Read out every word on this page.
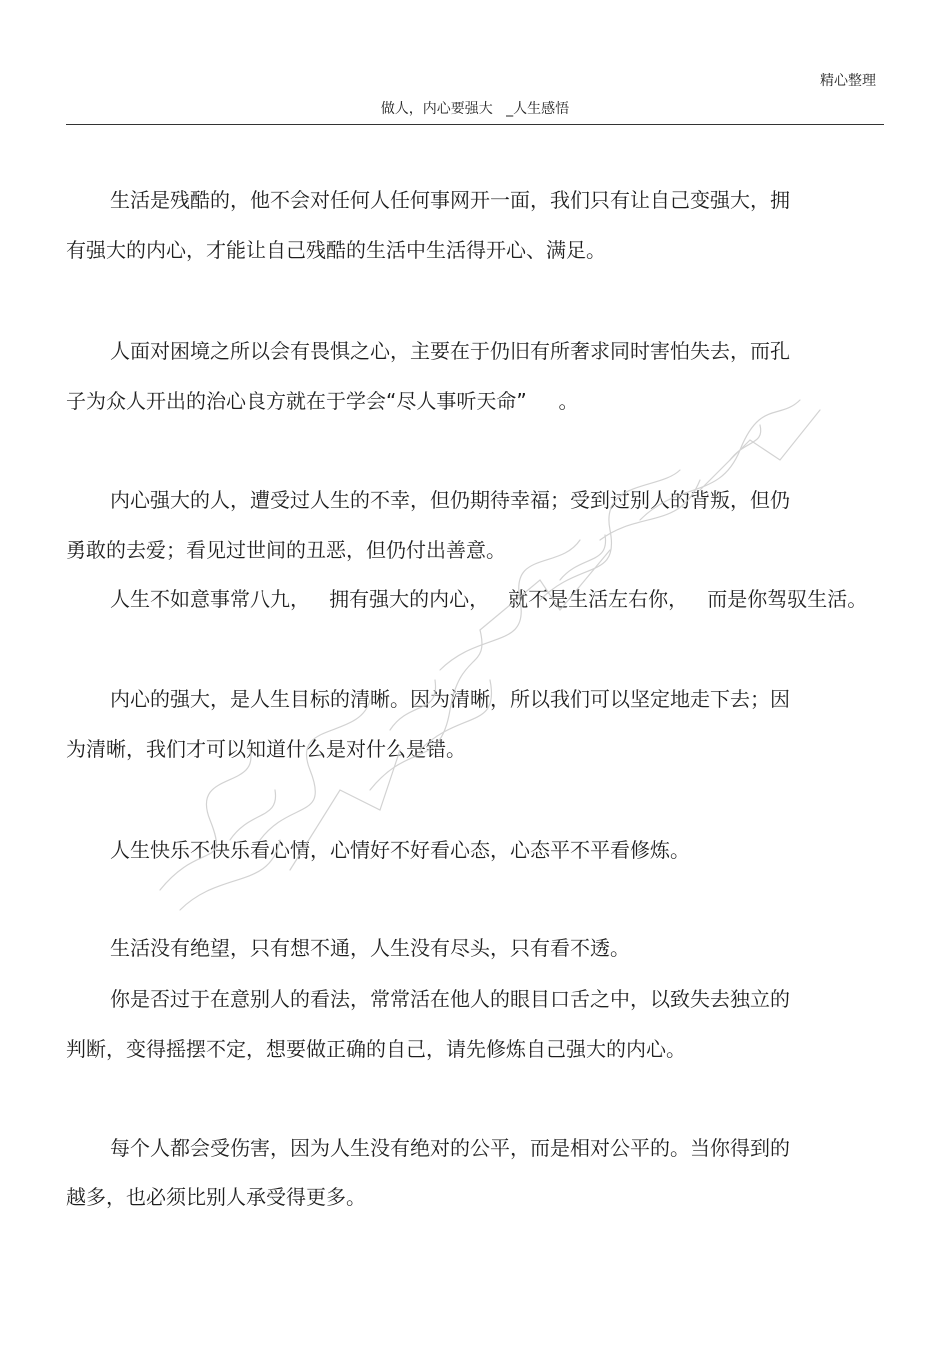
精心整理
做人，内心要强大   _人生感悟
生活是残酷的，他不会对任何人任何事网开一面，我们只有让自己变强大，拥
有强大的内心，才能让自己残酷的生活中生活得开心、满足。
人面对困境之所以会有畏惧之心，主要在于仍旧有所奢求同时害怕失去，而孔
子为众人开出的治心良方就在于学会“尽人事听天命”     。
内心强大的人，遭受过人生的不幸，但仍期待幸福；受到过别人的背叛，但仍
勇敢的去爱；看见过世间的丑恶，但仍付出善意。
人生不如意事常八九，   拥有强大的内心，   就不是生活左右你，   而是你驾驭生活。
内心的强大，是人生目标的清晰。因为清晰，所以我们可以坚定地走下去；因
为清晰，我们才可以知道什么是对什么是错。
人生快乐不快乐看心情，心情好不好看心态，心态平不平看修炼。
生活没有绝望，只有想不通，人生没有尽头，只有看不透。
你是否过于在意别人的看法，常常活在他人的眼目口舌之中，以致失去独立的
判断，变得摇摆不定，想要做正确的自己，请先修炼自己强大的内心。
每个人都会受伤害，因为人生没有绝对的公平，而是相对公平的。当你得到的
越多，也必须比别人承受得更多。
